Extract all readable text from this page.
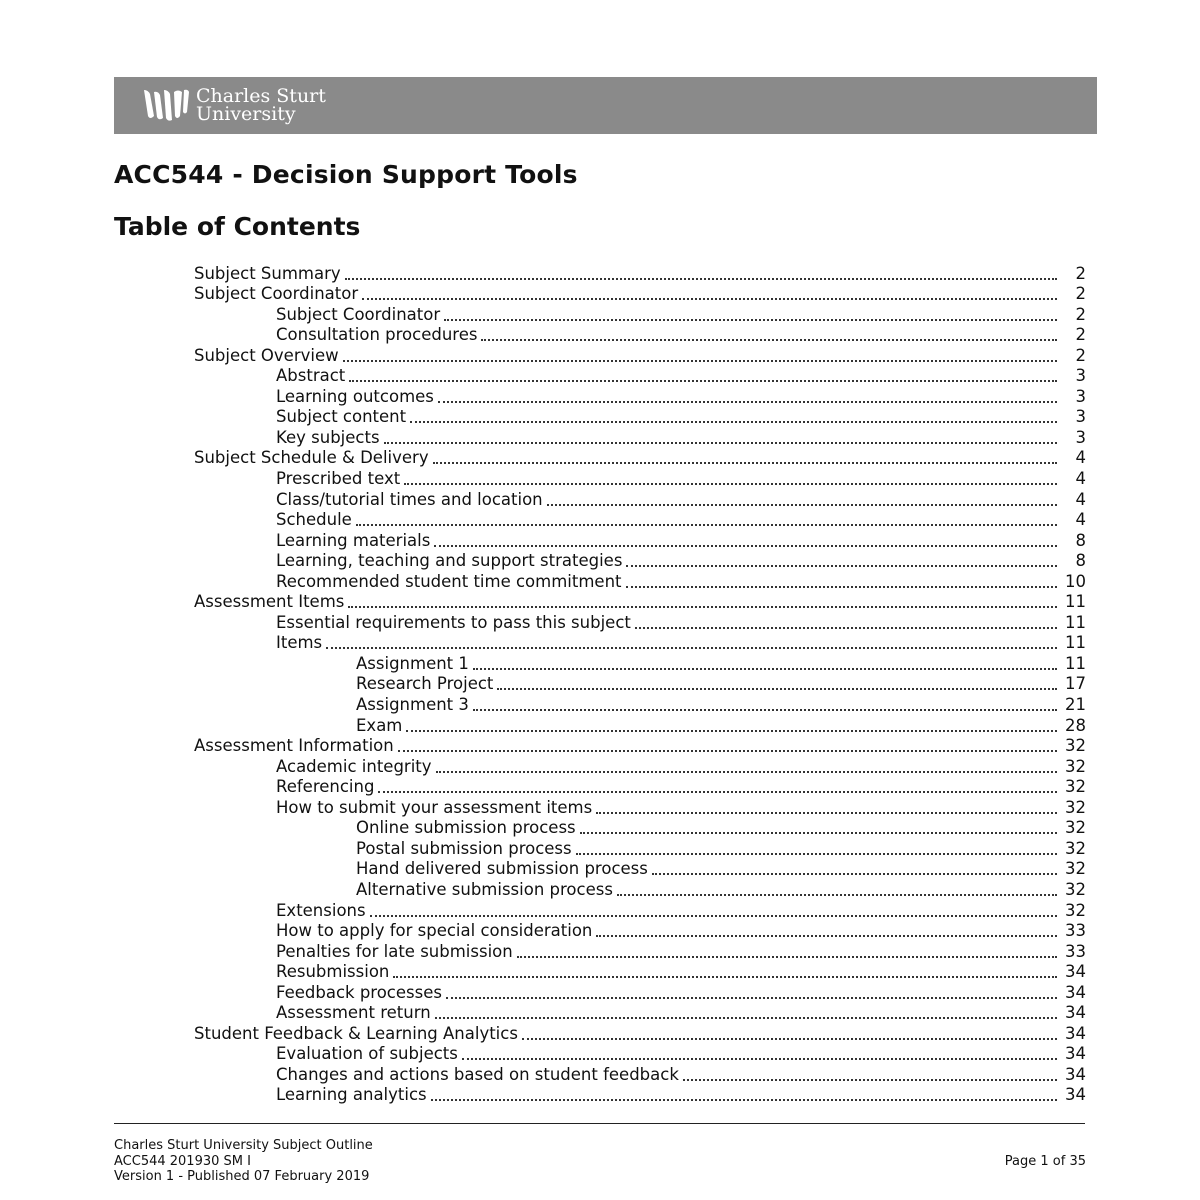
Charles Sturt
University
ACC544 - Decision Support Tools
Table of Contents
Subject Summary	2
Subject Coordinator	2
Subject Coordinator	2
Consultation procedures	2
Subject Overview	2
Abstract	3
Learning outcomes	3
Subject content	3
Key subjects	3
Subject Schedule & Delivery	4
Prescribed text	4
Class/tutorial times and location	4
Schedule	4
Learning materials	8
Learning, teaching and support strategies	8
Recommended student time commitment	10
Assessment Items	11
Essential requirements to pass this subject	11
Items	11
Assignment 1	11
Research Project	17
Assignment 3	21
Exam	28
Assessment Information	32
Academic integrity	32
Referencing	32
How to submit your assessment items	32
Online submission process	32
Postal submission process	32
Hand delivered submission process	32
Alternative submission process	32
Extensions	32
How to apply for special consideration	33
Penalties for late submission	33
Resubmission	34
Feedback processes	34
Assessment return	34
Student Feedback & Learning Analytics	34
Evaluation of subjects	34
Changes and actions based on student feedback	34
Learning analytics	34
Charles Sturt University Subject Outline
ACC544 201930 SM I
Version 1 - Published 07 February 2019
Page 1 of 35
